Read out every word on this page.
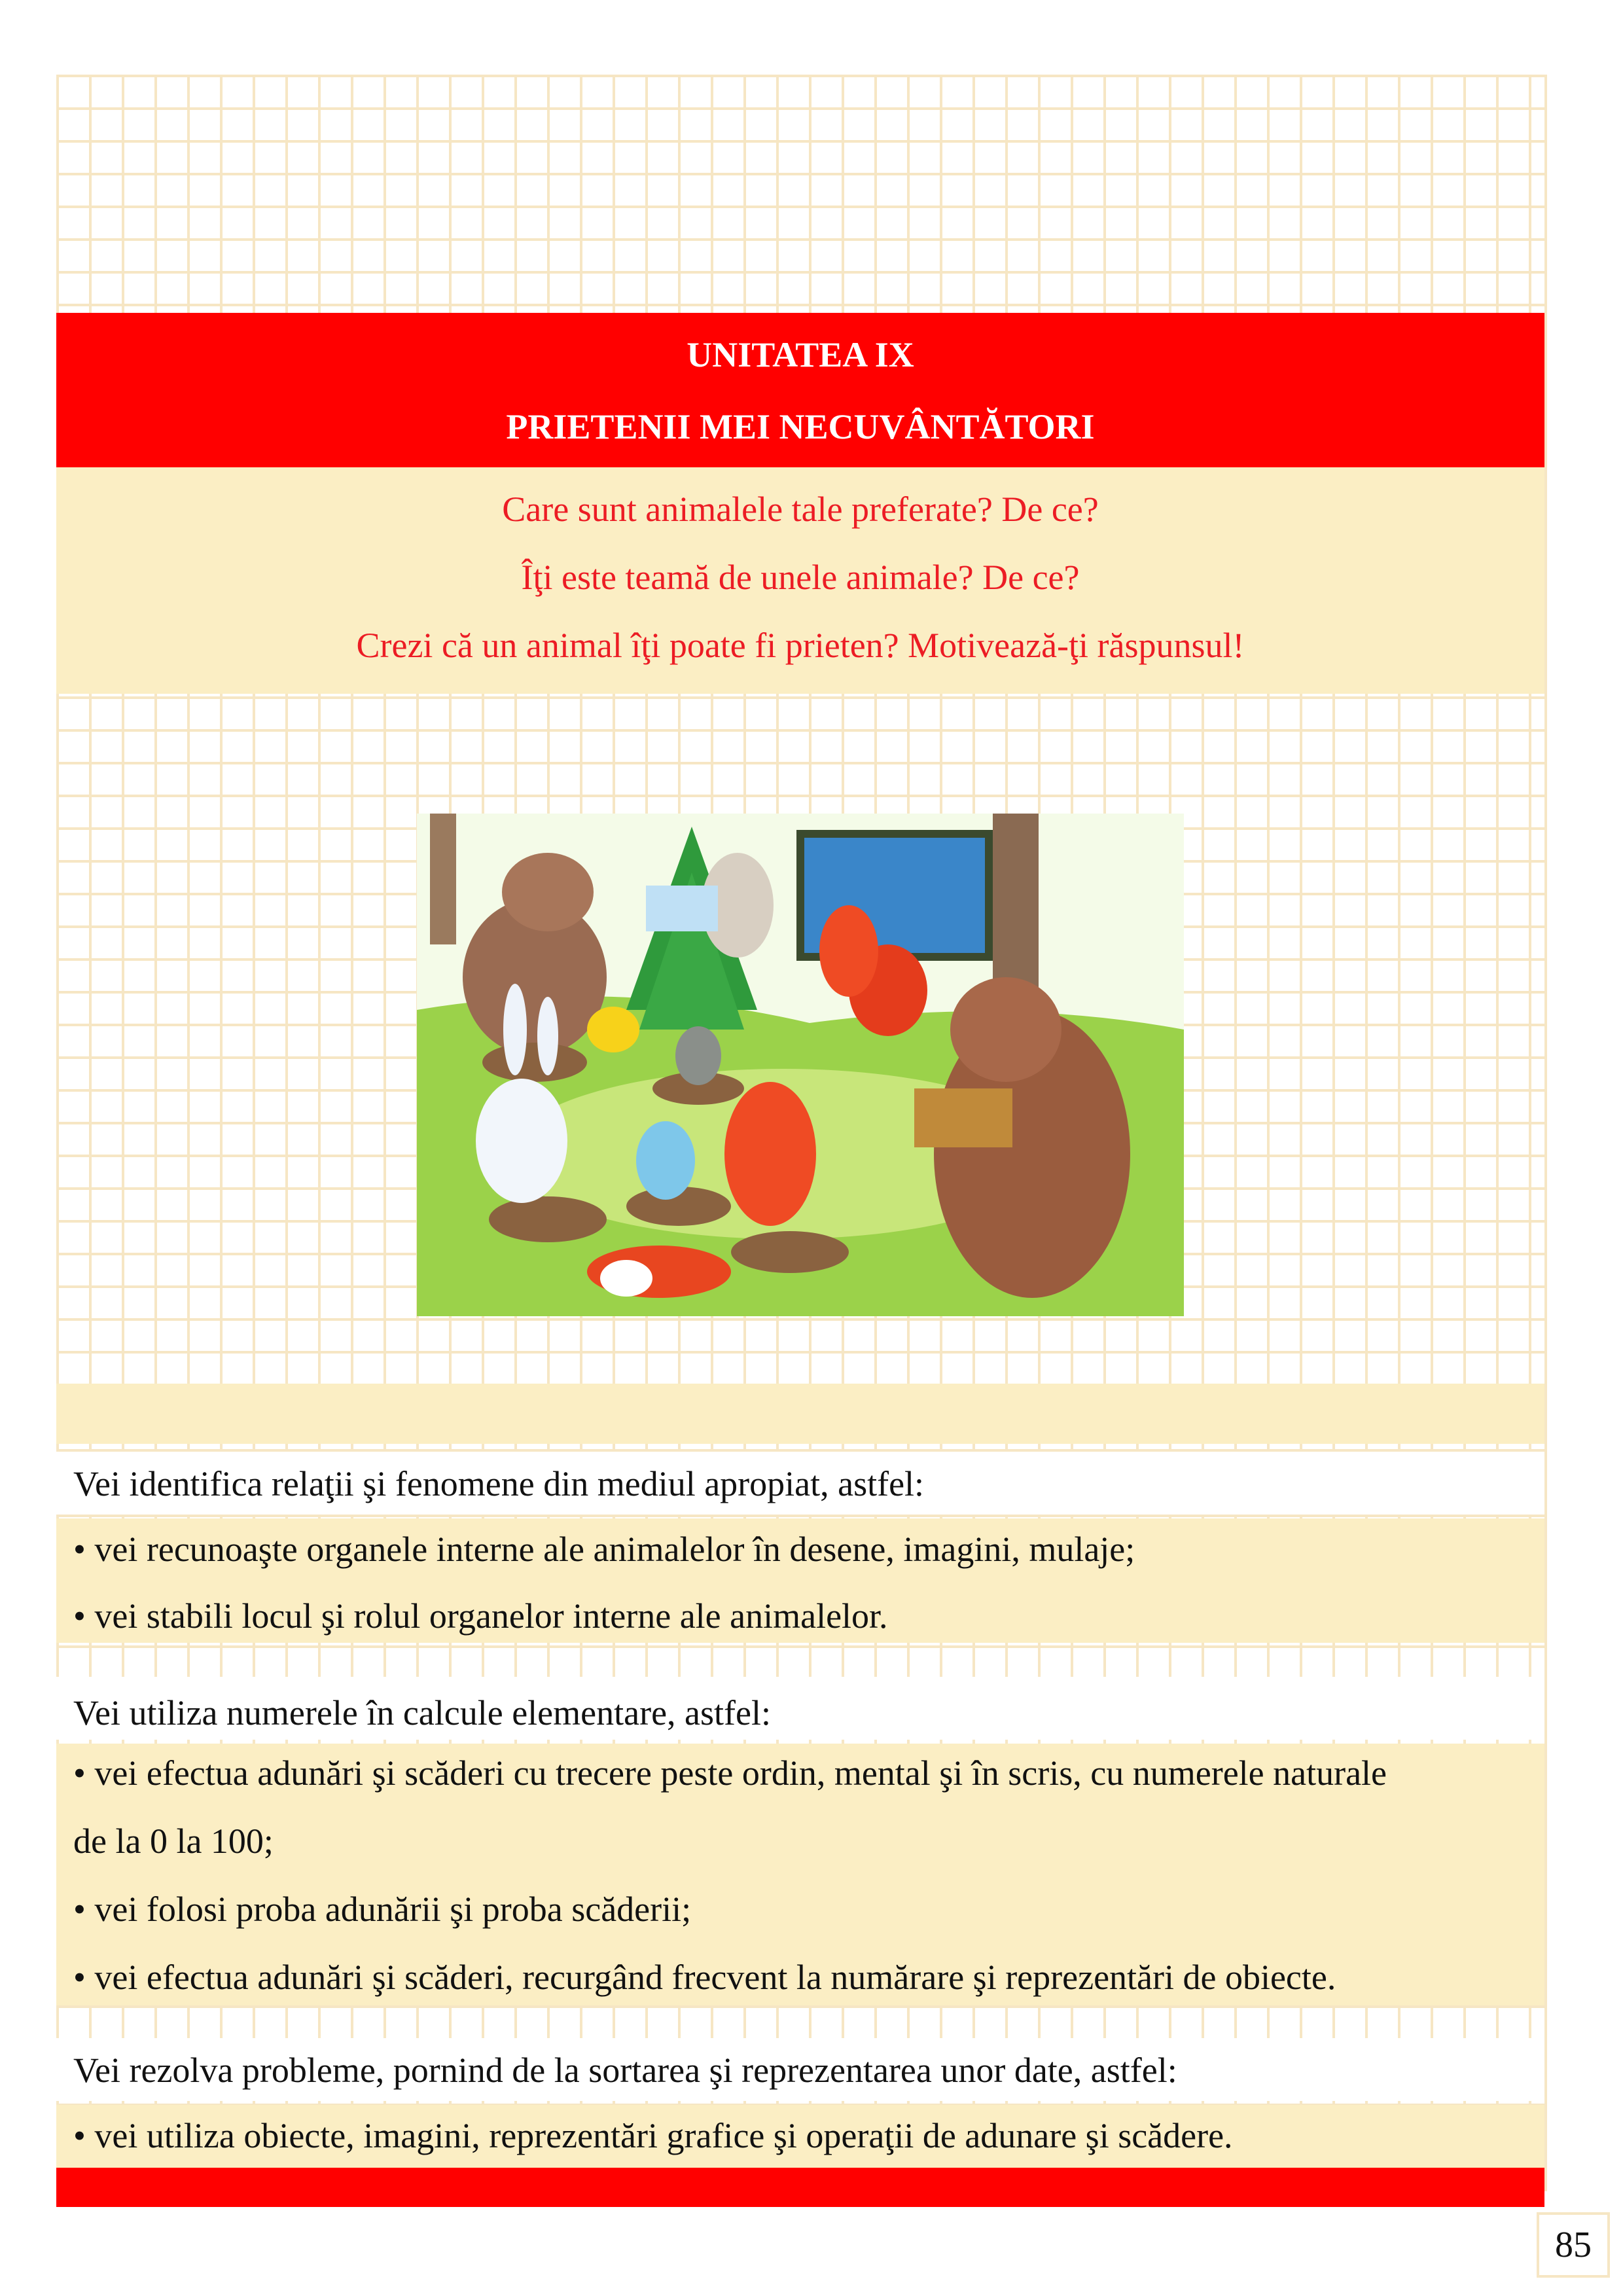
UNITATEA IX
PRIETENII MEI NECUVÂNTĂTORI
Care sunt animalele tale preferate? De ce?
Îţi este teamă de unele animale? De ce?
Crezi că un animal îţi poate fi prieten? Motivează-ţi răspunsul!
Vei identifica relaţii şi fenomene din mediul apropiat, astfel:
• vei recunoaşte organele interne ale animalelor în desene, imagini, mulaje;
• vei stabili locul şi rolul organelor interne ale animalelor.
Vei utiliza numerele în calcule elementare, astfel:
• vei efectua adunări şi scăderi cu trecere peste ordin, mental şi în scris, cu numerele naturale
de la 0 la 100;
• vei folosi proba adunării şi proba scăderii;
• vei efectua adunări şi scăderi, recurgând frecvent la numărare şi reprezentări de obiecte.
Vei rezolva probleme, pornind de la sortarea şi reprezentarea unor date, astfel:
• vei utiliza obiecte, imagini, reprezentări grafice şi operaţii de adunare şi scădere.
85
